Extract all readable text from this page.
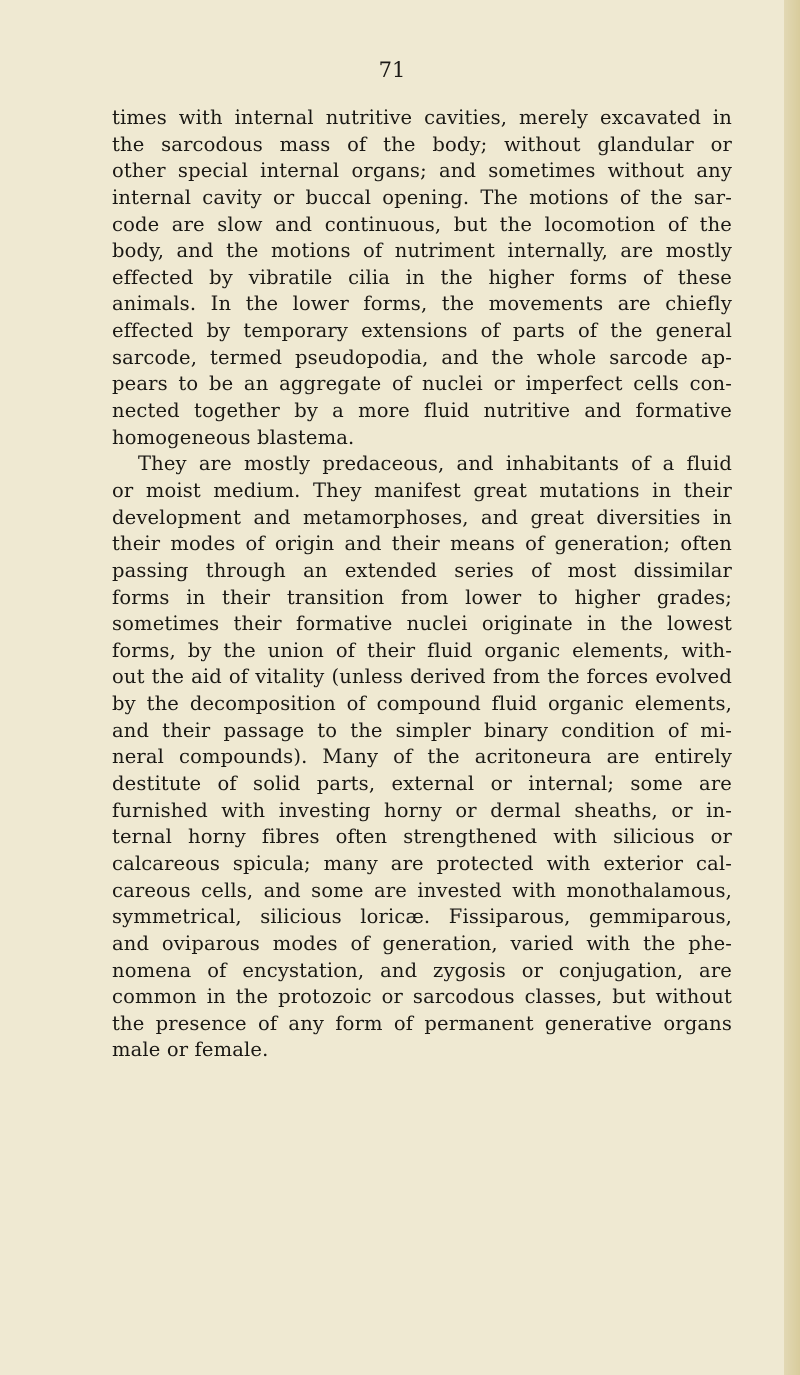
71

times with internal nutritive cavities, merely excavated in
the sarcodous mass of the body; without glandular or
other special internal organs; and sometimes without any
internal cavity or buccal opening. The motions of the sar-
code are slow and continuous, but the locomotion of the
body, and the motions of nutriment internally, are mostly
effected by vibratile cilia in the higher forms of these
animals. In the lower forms, the movements are chiefly
effected by temporary extensions of parts of the general
sarcode, termed pseudopodia, and the whole sarcode ap-
pears to be an aggregate of nuclei or imperfect cells con-
nected together by a more fluid nutritive and formative
homogeneous blastema.
They are mostly predaceous, and inhabitants of a fluid
or moist medium. They manifest great mutations in their
development and metamorphoses, and great diversities in
their modes of origin and their means of generation; often
passing through an extended series of most dissimilar
forms in their transition from lower to higher grades;
sometimes their formative nuclei originate in the lowest
forms, by the union of their fluid organic elements, with-
out the aid of vitality (unless derived from the forces evolved
by the decomposition of compound fluid organic elements,
and their passage to the simpler binary condition of mi-
neral compounds). Many of the acritoneura are entirely
destitute of solid parts, external or internal; some are
furnished with investing horny or dermal sheaths, or in-
ternal horny fibres often strengthened with silicious or
calcareous spicula; many are protected with exterior cal-
careous cells, and some are invested with monothalamous,
symmetrical, silicious loricæ. Fissiparous, gemmiparous,
and oviparous modes of generation, varied with the phe-
nomena of encystation, and zygosis or conjugation, are
common in the protozoic or sarcodous classes, but without
the presence of any form of permanent generative organs
male or female.
